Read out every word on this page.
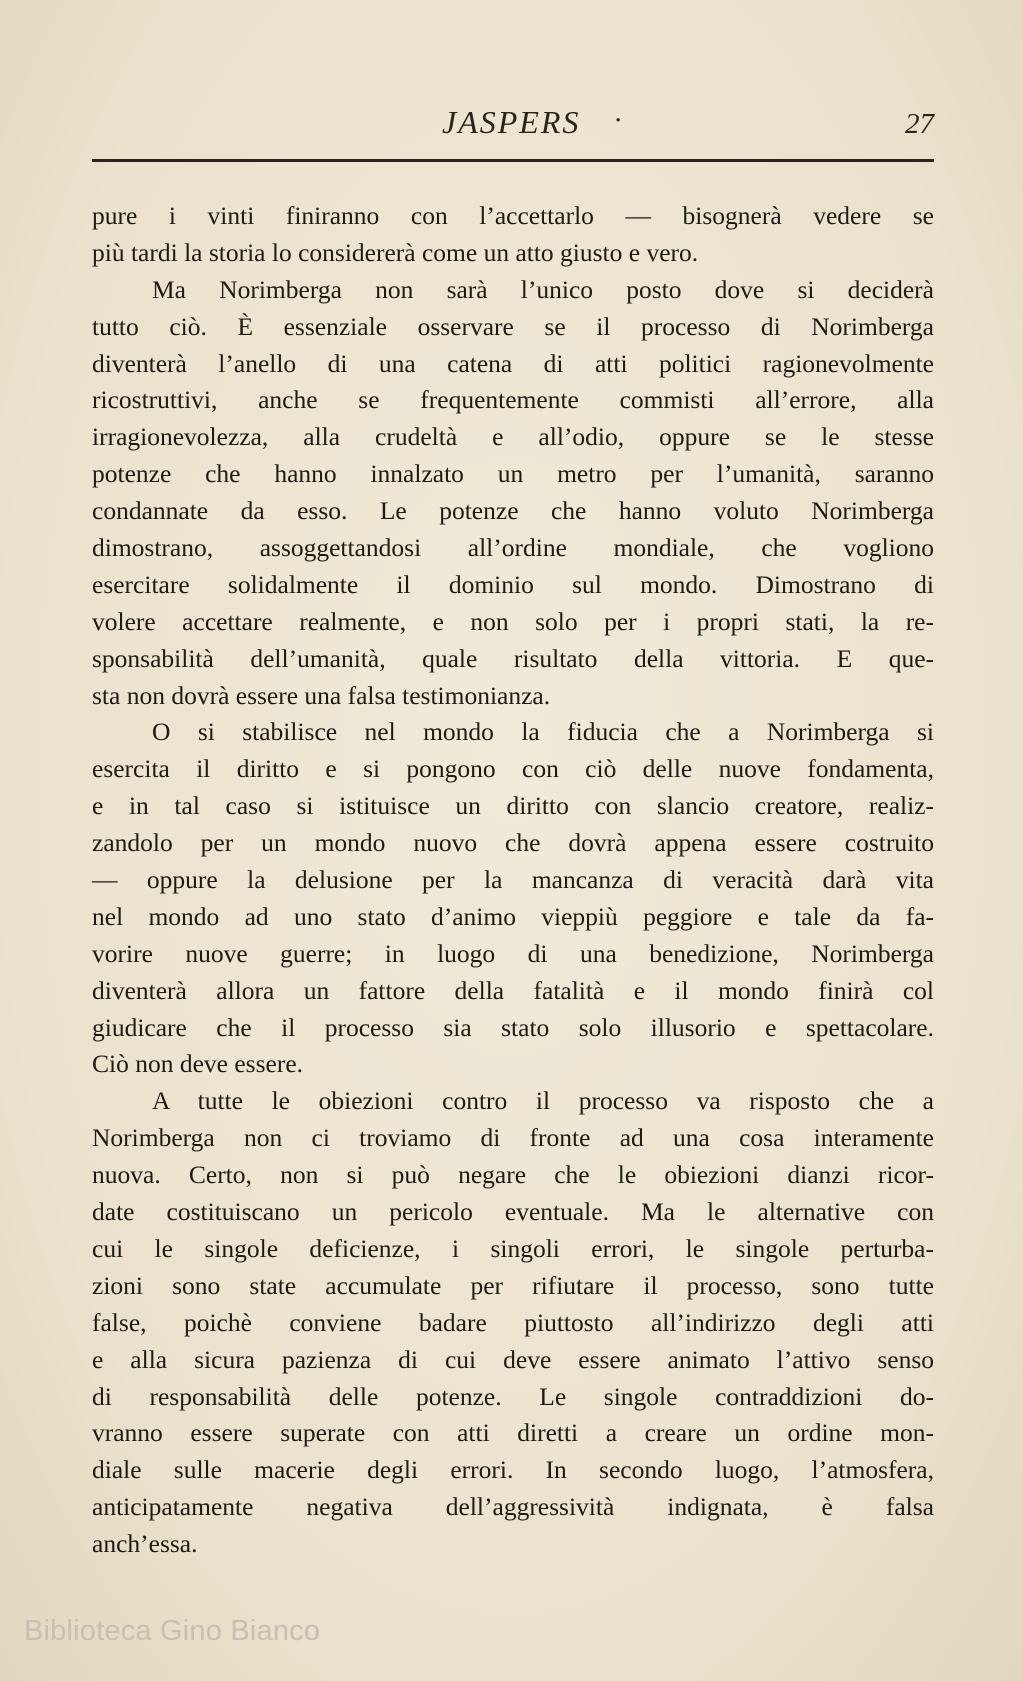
JASPERS ·	27
pure i vinti finiranno con l’accettarlo — bisognerà vedere se
più tardi la storia lo considererà come un atto giusto e vero.
Ma Norimberga non sarà l’unico posto dove si deciderà
tutto ciò. È essenziale osservare se il processo di Norimberga
diventerà l’anello di una catena di atti politici ragionevolmente
ricostruttivi, anche se frequentemente commisti all’errore, alla
irragionevolezza, alla crudeltà e all’odio, oppure se le stesse
potenze che hanno innalzato un metro per l’umanità, saranno
condannate da esso. Le potenze che hanno voluto Norimberga
dimostrano, assoggettandosi all’ordine mondiale, che vogliono
esercitare solidalmente il dominio sul mondo. Dimostrano di
volere accettare realmente, e non solo per i propri stati, la re-
sponsabilità dell’umanità, quale risultato della vittoria. E que-
sta non dovrà essere una falsa testimonianza.
O si stabilisce nel mondo la fiducia che a Norimberga si
esercita il diritto e si pongono con ciò delle nuove fondamenta,
e in tal caso si istituisce un diritto con slancio creatore, realiz-
zandolo per un mondo nuovo che dovrà appena essere costruito
— oppure la delusione per la mancanza di veracità darà vita
nel mondo ad uno stato d’animo vieppiù peggiore e tale da fa-
vorire nuove guerre; in luogo di una benedizione, Norimberga
diventerà allora un fattore della fatalità e il mondo finirà col
giudicare che il processo sia stato solo illusorio e spettacolare.
Ciò non deve essere.
A tutte le obiezioni contro il processo va risposto che a
Norimberga non ci troviamo di fronte ad una cosa interamente
nuova. Certo, non si può negare che le obiezioni dianzi ricor-
date costituiscano un pericolo eventuale. Ma le alternative con
cui le singole deficienze, i singoli errori, le singole perturba-
zioni sono state accumulate per rifiutare il processo, sono tutte
false, poichè conviene badare piuttosto all’indirizzo degli atti
e alla sicura pazienza di cui deve essere animato l’attivo senso
di responsabilità delle potenze. Le singole contraddizioni do-
vranno essere superate con atti diretti a creare un ordine mon-
diale sulle macerie degli errori. In secondo luogo, l’atmosfera,
anticipatamente negativa dell’aggressività indignata, è falsa
anch’essa.
Biblioteca Gino Bianco
